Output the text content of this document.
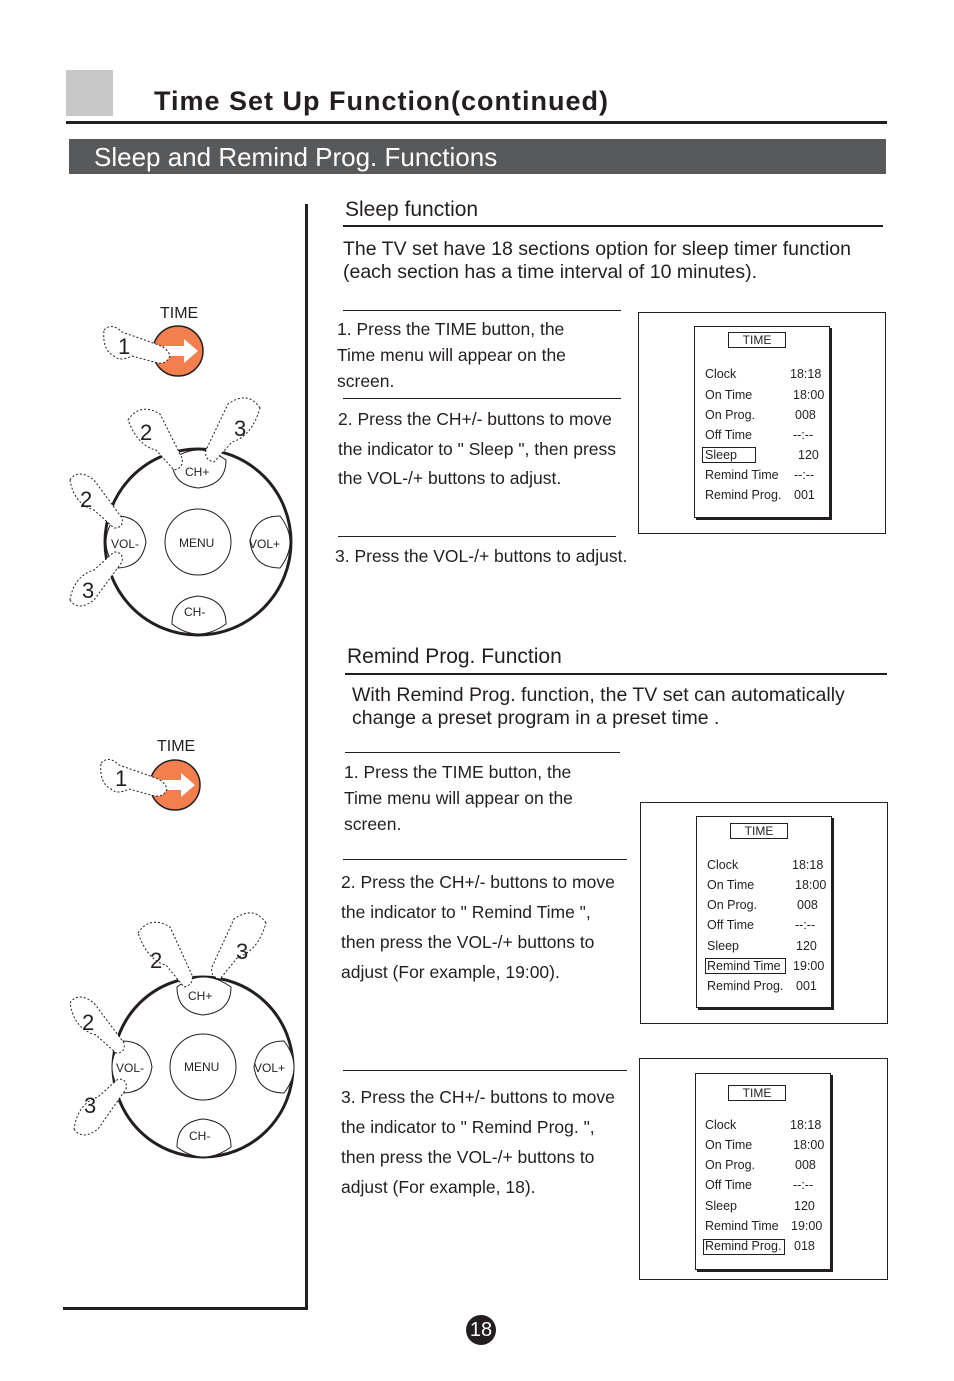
Time Set Up Function(continued)
Sleep and Remind Prog. Functions
TIME
1
CH+
CH-
VOL-	VOL+
MENU
2	3
2
3
TIME
1
CH+
CH-
VOL-	VOL+
MENU
2	3
2
3
Sleep function
The TV set have 18 sections option for sleep timer function
(each section has a time interval of 10 minutes).
1. Press the TIME button, the
Time menu will appear on the
screen.
2. Press the CH+/- buttons to move
the indicator to " Sleep ", then press
the VOL-/+ buttons to adjust.
3. Press the VOL-/+ buttons to adjust.
TIME
Clock	18:18
On Time	18:00
On Prog.	008
Off Time	--:--
Sleep	120
Remind Time --:--
Remind Prog. 001
Remind Prog. Function
With Remind Prog. function, the TV set can automatically
change a preset program in a preset time .
1. Press the TIME button, the
Time menu will appear on the
screen.
2. Press the CH+/- buttons to move
the indicator to " Remind Time ",
then press the VOL-/+ buttons to
adjust (For example, 19:00).
3. Press the CH+/- buttons to move
the indicator to " Remind Prog. ",
then press the VOL-/+ buttons to
adjust (For example, 18).
TIME
Clock	18:18
On Time	18:00
On Prog.	008
Off Time	--:--
Sleep	120
Remind Time 19:00
Remind Prog. 001
TIME
Clock	18:18
On Time	18:00
On Prog.	008
Off Time	--:--
Sleep	120
Remind Time 19:00
Remind Prog. 018
18
